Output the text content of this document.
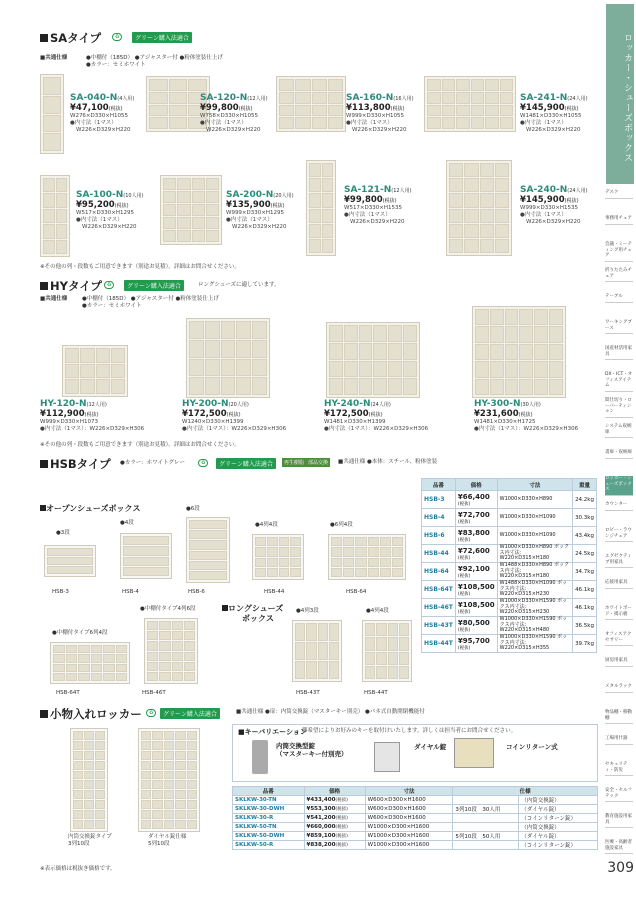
SAタイプ	♻	グリーン購入法適合
■共通仕様	●中棚付（185D） ●アジャスター付 ●粉体塗装仕上げ
●カラー：セミホワイト
SA-040-N(4人用)
¥47,100(税抜)
W276×D330×H1055
●内寸法（1マス）
W226×D329×H220
SA-120-N(12人用)
¥99,800(税抜)
W758×D330×H1055
●内寸法（1マス）
W226×D329×H220
SA-160-N(16人用)
¥113,800(税抜)
W999×D330×H1055
●内寸法（1マス）
W226×D329×H220
SA-241-N(24人用)
¥145,900(税抜)
W1481×D330×H1055
●内寸法（1マス）
W226×D329×H220
SA-100-N(10人用)
¥95,200(税抜)
W517×D330×H1295
●内寸法（1マス）
W226×D329×H220
SA-200-N(20人用)
¥135,900(税抜)
W999×D330×H1295
●内寸法（1マス）
W226×D329×H220
SA-121-N(12人用)
¥99,800(税抜)
W517×D330×H1535
●内寸法（1マス）
W226×D329×H220
SA-240-N(24人用)
¥145,900(税抜)
W999×D330×H1535
●内寸法（1マス）
W226×D329×H220
※その他の列・段数もご用意できます（別途お見積）。詳細はお問合せください。
HYタイプ	♻	グリーン購入法適合	ロングシューズに適しています。
■共通仕様	●中棚付（185D） ●アジャスター付 ●粉体塗装仕上げ
●カラー：セミホワイト
HY-120-N(12人用)
¥112,900(税抜)
W999×D330×H1073
●内寸法（1マス）：W226×D329×H306
HY-200-N(20人用)
¥172,500(税抜)
W1240×D330×H1399
●内寸法（1マス）：W226×D329×H306
HY-240-N(24人用)
¥172,500(税抜)
W1481×D330×H1399
●内寸法（1マス）：W226×D329×H306
HY-300-N(30人用)
¥231,600(税抜)
W1481×D330×H1725
●内寸法（1マス）：W226×D329×H306
※その他の列・段数もご用意できます（別途お見積）。詳細はお問合せください。
HSBタイプ ●カラー：ホワイトグレー	♻	グリーン購入法適合	再生樹脂 部品交換	■共通仕様 ●本体：スチール、粉体塗装
オープンシューズボックス
●3段
●4段
●6段
●4列4段	●6列4段
HSB-3	HSB-4	HSB-6	HSB-44	HSB-64
●中棚付タイプ4列6段	ロングシューズ
ボックス
●4列3段	●4列4段
●中棚付タイプ6列4段
HSB-64T	HSB-46T	HSB-43T	HSB-44T
品番	価格	寸法	重量
HSB-3	¥66,400
(税抜)	W1000×D330×H890	24.2kg
HSB-4	¥72,700
(税抜)	W1000×D330×H1090	30.3kg
HSB-6	¥83,800
(税抜)	W1000×D330×H1090	43.4kg
HSB-44	¥72,600
(税抜)	W1000×D330×H890 ボックス内寸法：W220×D315×H180	24.5kg
HSB-64	¥92,100
(税抜)	W1488×D330×H890 ボックス内寸法：W220×D315×H180	34.7kg
HSB-64T	¥108,500
(税抜)	W1488×D330×H1090 ボックス内寸法：W220×D315×H230	46.1kg
HSB-46T	¥108,500
(税抜)	W1000×D330×H1590 ボックス内寸法：W220×D315×H230	46.1kg
HSB-43T	¥80,500
(税抜)	W1000×D330×H1590 ボックス内寸法：W220×D315×H480	36.5kg
HSB-44T	¥95,700
(税抜)	W1000×D330×H1590 ボックス内寸法：W220×D315×H355	39.7kg
小物入れロッカー	♻	グリーン購入法適合	■共通仕様 ●扉：内筒交換錠（マスターキー別売） ●バネ式自動開閉機能付
内筒交換錠タイプ
3列10段
ダイヤル錠仕様
5列10段
■キーバリエーション
御希望によりお好みのキーを取付けいたします。詳しくは担当者にお問合せください。
内筒交換型錠
（マスターキー付別売）
ダイヤル錠	コインリターン式
品番	価格	寸法	仕様	
SKLKW-30-TN	¥433,400(税抜)	W600×D300×H1600		（内筒交換錠）
SKLKW-30-DWH	¥553,300(税抜)	W600×D300×H1600	3列10段　30人用	（ダイヤル錠）
SKLKW-30-R	¥541,200(税抜)	W600×D300×H1600		（コインリターン錠）
SKLKW-50-TN	¥660,000(税抜)	W1000×D300×H1600		（内筒交換錠）
SKLKW-50-DWH	¥859,100(税抜)	W1000×D300×H1600	5列10段　50人用	（ダイヤル錠）
SKLKW-50-R	¥838,200(税抜)	W1000×D300×H1600		（コインリターン錠）
※表示価格は税抜き価格です。
ロッカー・シューズボックス
デスク
事務用チェア
会議・ミーティング用チェア
折りたたみチェア
テーブル
ワーキングブース
国産材活用家具
DX・ICT・オフィスアイテム
間仕切り・ローパーティション
システム収納庫
書庫・収納庫
ロッカー・シューズボックス
カウンター
ロビー・ラウンジチェア
エグゼクティブ用家具
応接用家具
ホワイトボード・掲示板
オフィスアクセサリー
厨房用家具
メタルラック
物品棚・移動棚
工場用什器
セキュリティ・防災
安全・セルフテック
教育施設用家具
医療・高齢者施設家具
309
